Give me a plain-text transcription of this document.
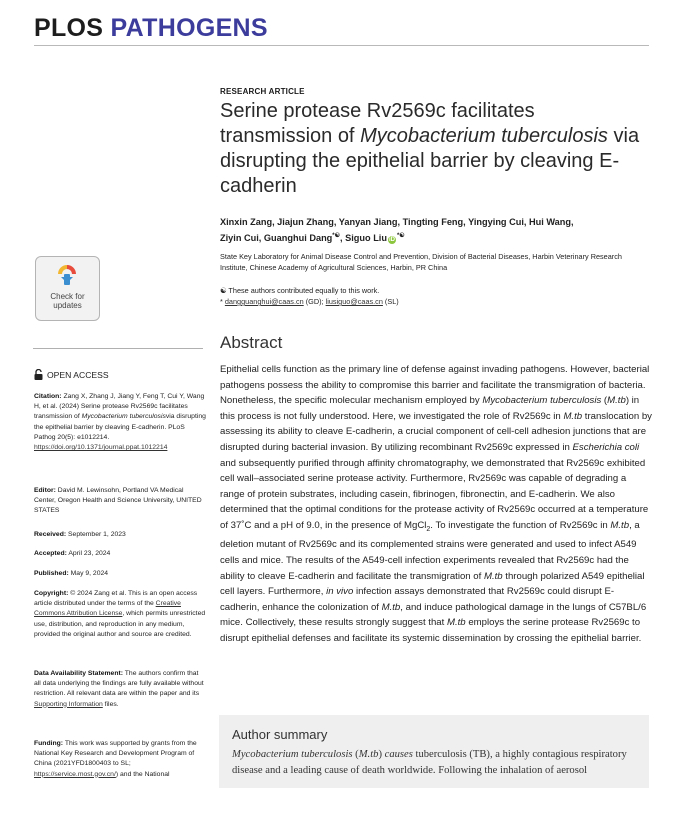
PLOS PATHOGENS
RESEARCH ARTICLE
Serine protease Rv2569c facilitates transmission of Mycobacterium tuberculosis via disrupting the epithelial barrier by cleaving E-cadherin
Xinxin Zang, Jiajun Zhang, Yanyan Jiang, Tingting Feng, Yingying Cui, Hui Wang,
Ziyin Cui, Guanghui Dang*☯, Siguo Liu iD*☯
State Key Laboratory for Animal Disease Control and Prevention, Division of Bacterial Diseases, Harbin Veterinary Research Institute, Chinese Academy of Agricultural Sciences, Harbin, PR China
☯ These authors contributed equally to this work.
* dangguanghui@caas.cn (GD); liusiguo@caas.cn (SL)
Check for
updates
OPEN ACCESS
Citation: Zang X, Zhang J, Jiang Y, Feng T, Cui Y, Wang H, et al. (2024) Serine protease Rv2569c facilitates transmission of Mycobacterium tuberculosisvia disrupting the epithelial barrier by cleaving E-cadherin. PLoS Pathog 20(5): e1012214. https://doi.org/10.1371/journal.ppat.1012214
Editor: David M. Lewinsohn, Portland VA Medical Center, Oregon Health and Science University, UNITED STATES
Received: September 1, 2023
Accepted: April 23, 2024
Published: May 9, 2024
Copyright: © 2024 Zang et al. This is an open access article distributed under the terms of the Creative Commons Attribution License, which permits unrestricted use, distribution, and reproduction in any medium, provided the original author and source are credited.
Data Availability Statement: The authors confirm that all data underlying the findings are fully available without restriction. All relevant data are within the paper and its Supporting Information files.
Funding: This work was supported by grants from the National Key Research and Development Program of China (2021YFD1800403 to SL; https://service.most.gov.cn/) and the National
Abstract
Epithelial cells function as the primary line of defense against invading pathogens. However, bacterial pathogens possess the ability to compromise this barrier and facilitate the transmigration of bacteria. Nonetheless, the specific molecular mechanism employed by Mycobacterium tuberculosis (M.tb) in this process is not fully understood. Here, we investigated the role of Rv2569c in M.tb translocation by assessing its ability to cleave E-cadherin, a crucial component of cell-cell adhesion junctions that are disrupted during bacterial invasion. By utilizing recombinant Rv2569c expressed in Escherichia coli and subsequently purified through affinity chromatography, we demonstrated that Rv2569c exhibited cell wall–associated serine protease activity. Furthermore, Rv2569c was capable of degrading a range of protein substrates, including casein, fibrinogen, fibronectin, and E-cadherin. We also determined that the optimal conditions for the protease activity of Rv2569c occurred at a temperature of 37˚C and a pH of 9.0, in the presence of MgCl$_2$. To investigate the function of Rv2569c in M.tb, a deletion mutant of Rv2569c and its complemented strains were generated and used to infect A549 cells and mice. The results of the A549-cell infection experiments revealed that Rv2569c had the ability to cleave E-cadherin and facilitate the transmigration of M.tb through polarized A549 epithelial cell layers. Furthermore, in vivo infection assays demonstrated that Rv2569c could disrupt E-cadherin, enhance the colonization of M.tb, and induce pathological damage in the lungs of C57BL/6 mice. Collectively, these results strongly suggest that M.tb employs the serine protease Rv2569c to disrupt epithelial defenses and facilitate its systemic dissemination by crossing the epithelial barrier.
Author summary
Mycobacterium tuberculosis (M.tb) causes tuberculosis (TB), a highly contagious respiratory disease and a leading cause of death worldwide. Following the inhalation of aerosol
